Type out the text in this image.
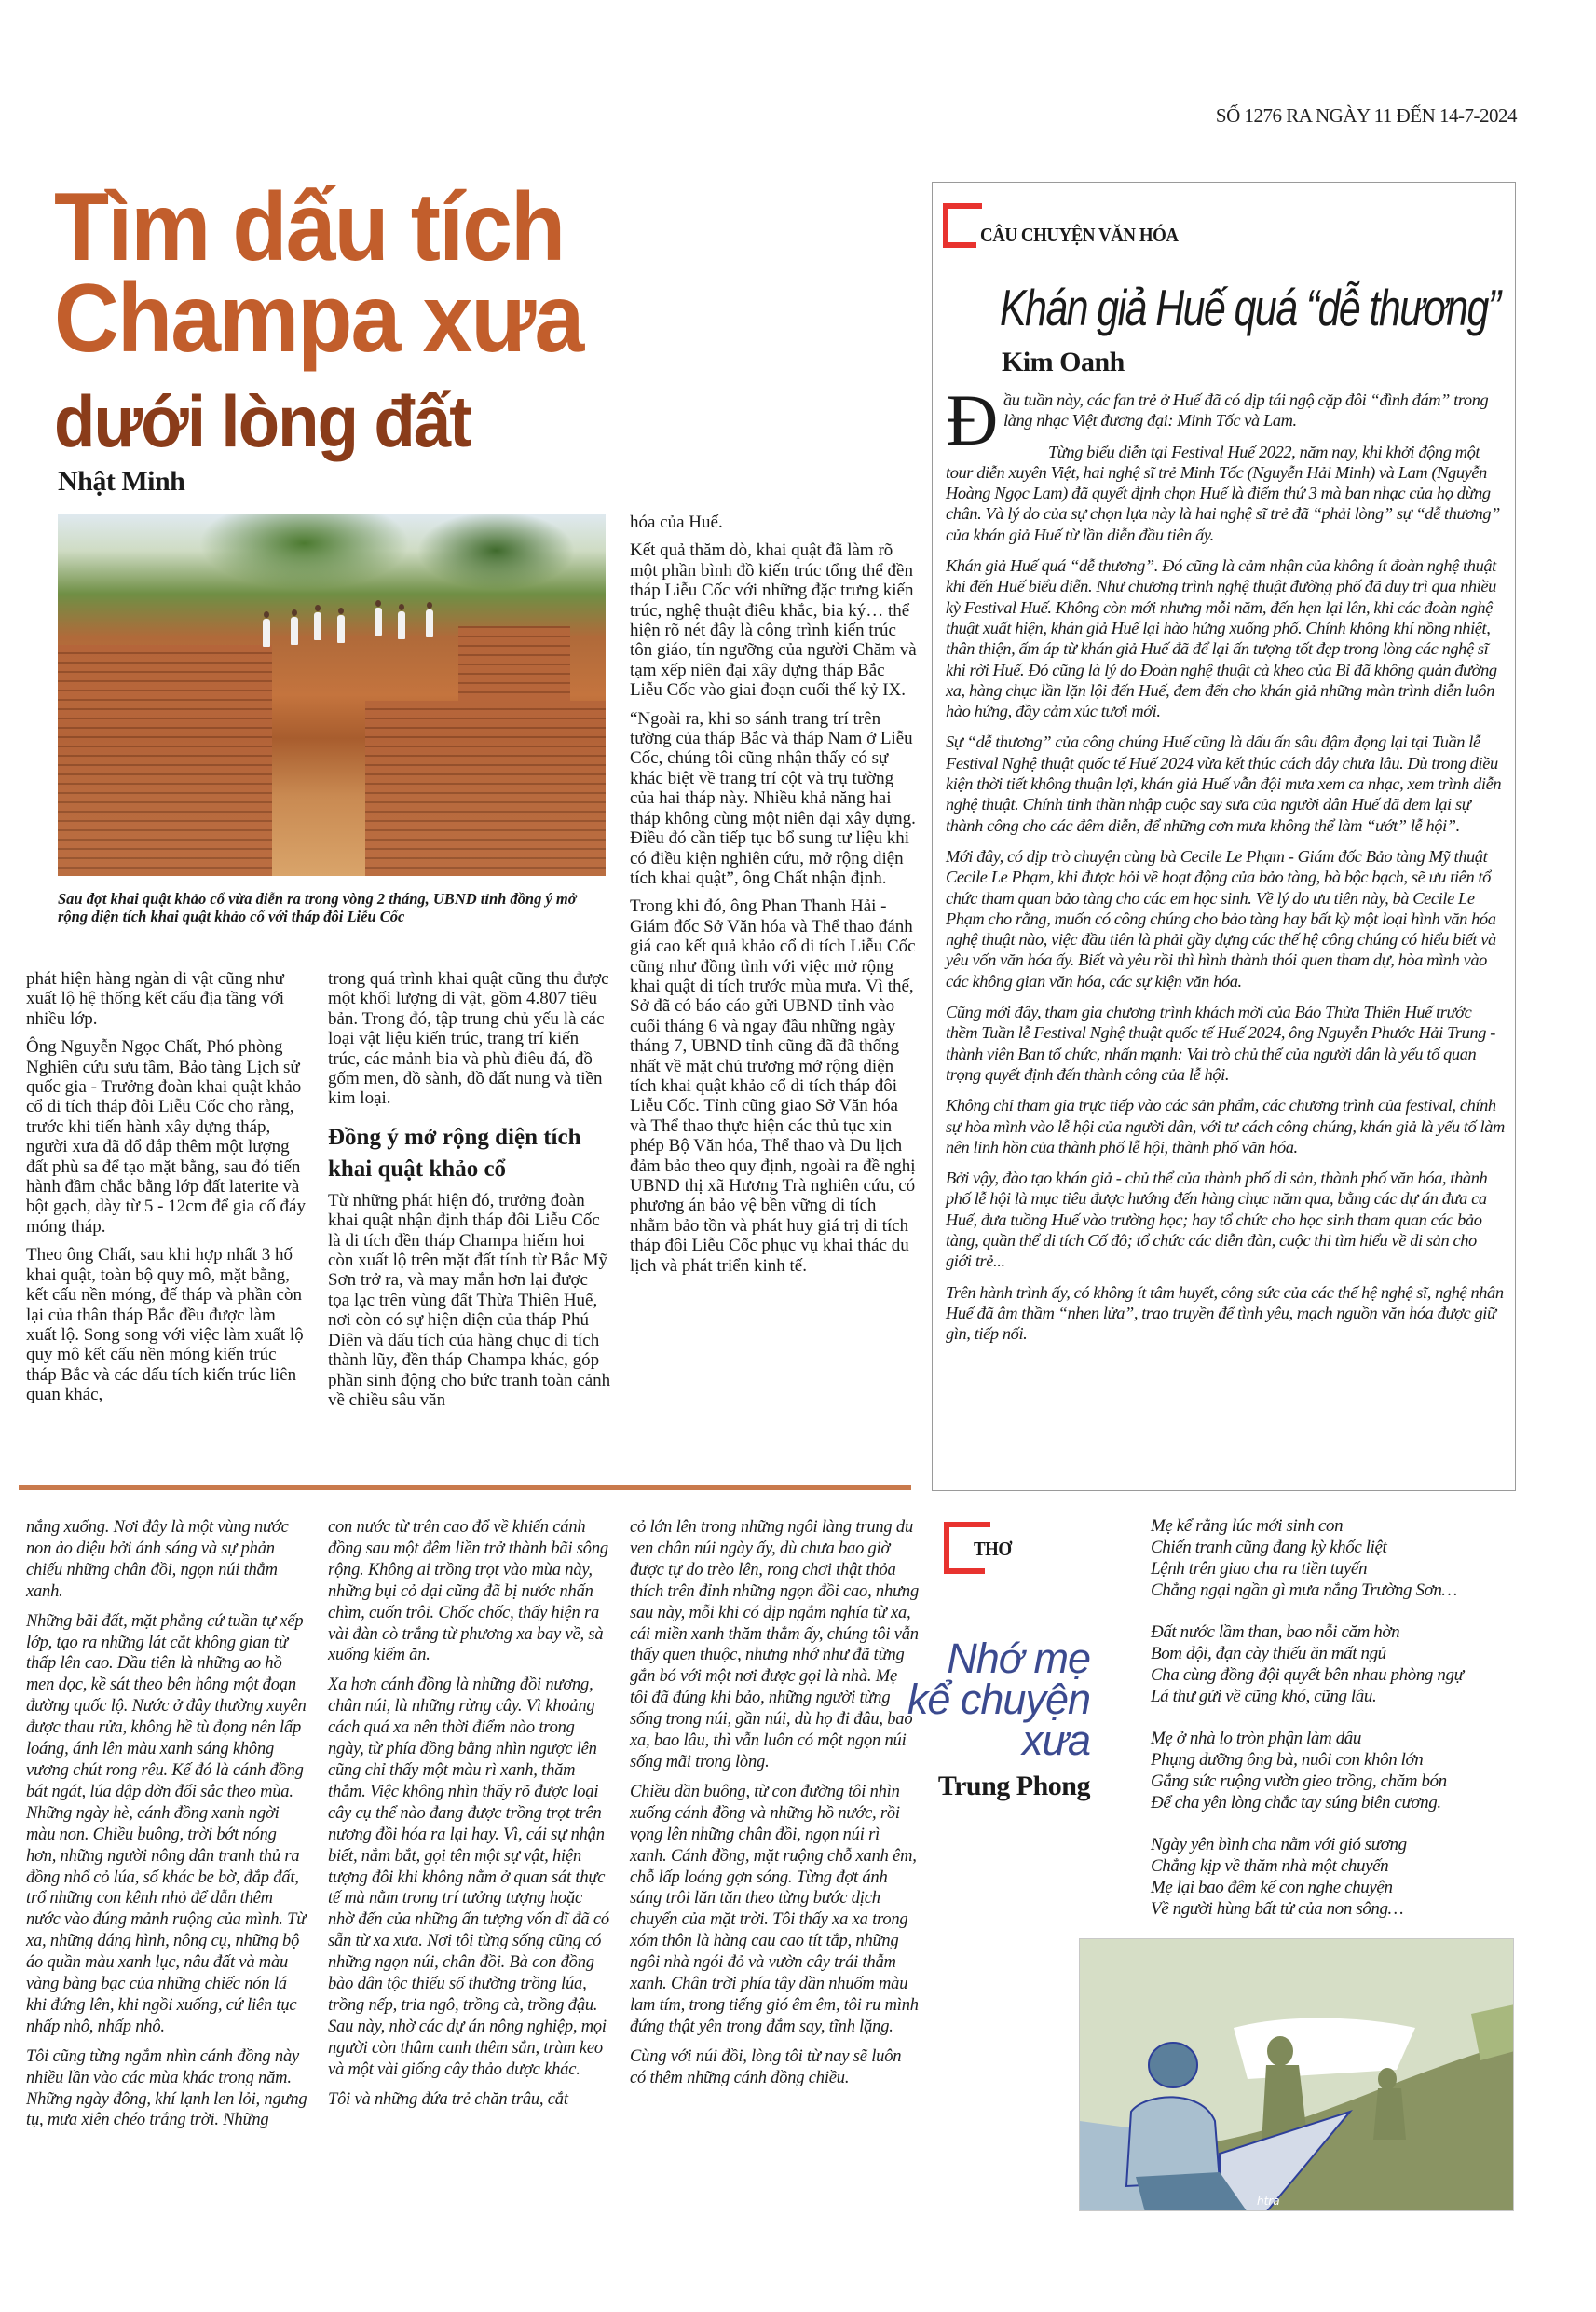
SỐ 1276 RA NGÀY 11 ĐẾN 14-7-2024
Tìm dấu tích
Champa xưa
dưới lòng đất
Nhật Minh
Sau đợt khai quật khảo cổ vừa diễn ra trong vòng 2 tháng, UBND tỉnh đồng ý mở rộng diện tích khai quật khảo cổ với tháp đôi Liễu Cốc

phát hiện hàng ngàn di vật cũng như xuất lộ hệ thống kết cấu địa tầng với nhiều lớp.

Ông Nguyễn Ngọc Chất, Phó phòng Nghiên cứu sưu tầm, Bảo tàng Lịch sử quốc gia - Trưởng đoàn khai quật khảo cổ di tích tháp đôi Liễu Cốc cho rằng, trước khi tiến hành xây dựng tháp, người xưa đã đổ đắp thêm một lượng đất phù sa để tạo mặt bằng, sau đó tiến hành đầm chắc bằng lớp đất laterite và bột gạch, dày từ 5 - 12cm để gia cố đáy móng tháp.

Theo ông Chất, sau khi hợp nhất 3 hố khai quật, toàn bộ quy mô, mặt bằng, kết cấu nền móng, đế tháp và phần còn lại của thân tháp Bắc đều được làm xuất lộ. Song song với việc làm xuất lộ quy mô kết cấu nền móng kiến trúc tháp Bắc và các dấu tích kiến trúc liên quan khác,

trong quá trình khai quật cũng thu được một khối lượng di vật, gồm 4.807 tiêu bản. Trong đó, tập trung chủ yếu là các loại vật liệu kiến trúc, trang trí kiến trúc, các mảnh bia và phù điêu đá, đồ gốm men, đồ sành, đồ đất nung và tiền kim loại.

Đồng ý mở rộng diện tích khai quật khảo cổ

Từ những phát hiện đó, trưởng đoàn khai quật nhận định tháp đôi Liễu Cốc là di tích đền tháp Champa hiếm hoi còn xuất lộ trên mặt đất tính từ Bắc Mỹ Sơn trở ra, và may mắn hơn lại được tọa lạc trên vùng đất Thừa Thiên Huế, nơi còn có sự hiện diện của tháp Phú Diên và dấu tích của hàng chục di tích thành lũy, đền tháp Champa khác, góp phần sinh động cho bức tranh toàn cảnh về chiều sâu văn

hóa của Huế.

Kết quả thăm dò, khai quật đã làm rõ một phần bình đồ kiến trúc tổng thể đền tháp Liễu Cốc với những đặc trưng kiến trúc, nghệ thuật điêu khắc, bia ký… thể hiện rõ nét đây là công trình kiến trúc tôn giáo, tín ngưỡng của người Chăm và tạm xếp niên đại xây dựng tháp Bắc Liễu Cốc vào giai đoạn cuối thế kỷ IX.

“Ngoài ra, khi so sánh trang trí trên tường của tháp Bắc và tháp Nam ở Liễu Cốc, chúng tôi cũng nhận thấy có sự khác biệt về trang trí cột và trụ tường của hai tháp này. Nhiều khả năng hai tháp không cùng một niên đại xây dựng. Điều đó cần tiếp tục bổ sung tư liệu khi có điều kiện nghiên cứu, mở rộng diện tích khai quật”, ông Chất nhận định.

Trong khi đó, ông Phan Thanh Hải - Giám đốc Sở Văn hóa và Thể thao đánh giá cao kết quả khảo cổ di tích Liễu Cốc cũng như đồng tình với việc mở rộng khai quật di tích trước mùa mưa. Vì thế, Sở đã có báo cáo gửi UBND tỉnh vào cuối tháng 6 và ngay đầu những ngày tháng 7, UBND tỉnh cũng đã đã thống nhất về mặt chủ trương mở rộng diện tích khai quật khảo cổ di tích tháp đôi Liễu Cốc. Tỉnh cũng giao Sở Văn hóa và Thể thao thực hiện các thủ tục xin phép Bộ Văn hóa, Thể thao và Du lịch đảm bảo theo quy định, ngoài ra đề nghị UBND thị xã Hương Trà nghiên cứu, có phương án bảo vệ bền vững di tích nhằm bảo tồn và phát huy giá trị di tích tháp đôi Liễu Cốc phục vụ khai thác du lịch và phát triển kinh tế.

CÂU CHUYỆN VĂN HÓA
Khán giả Huế quá “dễ thương”
Kim Oanh

Đầu tuần này, các fan trẻ ở Huế đã có dịp tái ngộ cặp đôi “đình đám” trong làng nhạc Việt đương đại: Minh Tốc và Lam.

Từng biểu diễn tại Festival Huế 2022, năm nay, khi khởi động một tour diễn xuyên Việt, hai nghệ sĩ trẻ Minh Tốc (Nguyễn Hải Minh) và Lam (Nguyễn Hoàng Ngọc Lam) đã quyết định chọn Huế là điểm thứ 3 mà ban nhạc của họ dừng chân. Và lý do của sự chọn lựa này là hai nghệ sĩ trẻ đã “phải lòng” sự “dễ thương” của khán giả Huế từ lần diễn đầu tiên ấy.

Khán giả Huế quá “dễ thương”. Đó cũng là cảm nhận của không ít đoàn nghệ thuật khi đến Huế biểu diễn. Như chương trình nghệ thuật đường phố đã duy trì qua nhiều kỳ Festival Huế. Không còn mới nhưng mỗi năm, đến hẹn lại lên, khi các đoàn nghệ thuật xuất hiện, khán giả Huế lại hào hứng xuống phố. Chính không khí nồng nhiệt, thân thiện, ấm áp từ khán giả Huế đã để lại ấn tượng tốt đẹp trong lòng các nghệ sĩ khi rời Huế. Đó cũng là lý do Đoàn nghệ thuật cà kheo của Bỉ đã không quản đường xa, hàng chục lần lặn lội đến Huế, đem đến cho khán giả những màn trình diễn luôn hào hứng, đầy cảm xúc tươi mới.

Sự “dễ thương” của công chúng Huế cũng là dấu ấn sâu đậm đọng lại tại Tuần lễ Festival Nghệ thuật quốc tế Huế 2024 vừa kết thúc cách đây chưa lâu. Dù trong điều kiện thời tiết không thuận lợi, khán giả Huế vẫn đội mưa xem ca nhạc, xem trình diễn nghệ thuật. Chính tinh thần nhập cuộc say sưa của người dân Huế đã đem lại sự thành công cho các đêm diễn, để những cơn mưa không thể làm “ướt” lễ hội”.

Mới đây, có dịp trò chuyện cùng bà Cecile Le Phạm - Giám đốc Bảo tàng Mỹ thuật Cecile Le Phạm, khi được hỏi về hoạt động của bảo tàng, bà bộc bạch, sẽ ưu tiên tổ chức tham quan bảo tàng cho các em học sinh. Về lý do ưu tiên này, bà Cecile Le Phạm cho rằng, muốn có công chúng cho bảo tàng hay bất kỳ một loại hình văn hóa nghệ thuật nào, việc đầu tiên là phải gầy dựng các thế hệ công chúng có hiểu biết và yêu vốn văn hóa ấy. Biết và yêu rồi thì hình thành thói quen tham dự, hòa mình vào các không gian văn hóa, các sự kiện văn hóa.

Cũng mới đây, tham gia chương trình khách mời của Báo Thừa Thiên Huế trước thềm Tuần lễ Festival Nghệ thuật quốc tế Huế 2024, ông Nguyễn Phước Hải Trung - thành viên Ban tổ chức, nhấn mạnh: Vai trò chủ thể của người dân là yếu tố quan trọng quyết định đến thành công của lễ hội.

Không chỉ tham gia trực tiếp vào các sản phẩm, các chương trình của festival, chính sự hòa mình vào lễ hội của người dân, với tư cách công chúng, khán giả là yếu tố làm nên linh hồn của thành phố lễ hội, thành phố văn hóa.

Bởi vậy, đào tạo khán giả - chủ thể của thành phố di sản, thành phố văn hóa, thành phố lễ hội là mục tiêu được hướng đến hàng chục năm qua, bằng các dự án đưa ca Huế, đưa tuồng Huế vào trường học; hay tổ chức cho học sinh tham quan các bảo tàng, quần thể di tích Cố đô; tổ chức các diễn đàn, cuộc thi tìm hiểu về di sản cho giới trẻ...

Trên hành trình ấy, có không ít tâm huyết, công sức của các thế hệ nghệ sĩ, nghệ nhân Huế đã âm thầm “nhen lửa”, trao truyền để tình yêu, mạch nguồn văn hóa được giữ gìn, tiếp nối.

nắng xuống. Nơi đây là một vùng nước non ảo diệu bởi ánh sáng và sự phản chiếu những chân đồi, ngọn núi thẳm xanh.

Những bãi đất, mặt phẳng cứ tuần tự xếp lớp, tạo ra những lát cắt không gian từ thấp lên cao. Đầu tiên là những ao hồ men dọc, kề sát theo bên hông một đoạn đường quốc lộ. Nước ở đây thường xuyên được thau rửa, không hề tù đọng nên lấp loáng, ánh lên màu xanh sáng không vương chút rong rêu. Kế đó là cánh đồng bát ngát, lúa dập dờn đổi sắc theo mùa. Những ngày hè, cánh đồng xanh ngời màu non. Chiều buông, trời bớt nóng hơn, những người nông dân tranh thủ ra đồng nhổ cỏ lúa, số khác be bờ, đắp đất, trổ những con kênh nhỏ để dẫn thêm nước vào đúng mảnh ruộng của mình. Từ xa, những dáng hình, nông cụ, những bộ áo quần màu xanh lục, nâu đất và màu vàng bàng bạc của những chiếc nón lá khi đứng lên, khi ngồi xuống, cứ liên tục nhấp nhô, nhấp nhô.

Tôi cũng từng ngắm nhìn cánh đồng này nhiều lần vào các mùa khác trong năm. Những ngày đông, khí lạnh len lỏi, ngưng tụ, mưa xiên chéo trắng trời. Những

con nước từ trên cao đổ về khiến cánh đồng sau một đêm liền trở thành bãi sông rộng. Không ai trồng trọt vào mùa này, những bụi cỏ dại cũng đã bị nước nhấn chìm, cuốn trôi. Chốc chốc, thấy hiện ra vài đàn cò trắng từ phương xa bay về, sà xuống kiếm ăn.

Xa hơn cánh đồng là những đồi nương, chân núi, là những rừng cây. Vì khoảng cách quá xa nên thời điểm nào trong ngày, từ phía đồng bằng nhìn ngược lên cũng chỉ thấy một màu rì xanh, thăm thẳm. Việc không nhìn thấy rõ được loại cây cụ thể nào đang được trồng trọt trên nương đồi hóa ra lại hay. Vì, cái sự nhận biết, nắm bắt, gọi tên một sự vật, hiện tượng đôi khi không nằm ở quan sát thực tế mà nằm trong trí tưởng tượng hoặc nhờ đến của những ấn tượng vốn dĩ đã có sẵn từ xa xưa. Nơi tôi từng sống cũng có những ngọn núi, chân đồi. Bà con đồng bào dân tộc thiểu số thường trồng lúa, trồng nếp, tria ngô, trồng cà, trồng đậu. Sau này, nhờ các dự án nông nghiệp, mọi người còn thâm canh thêm sắn, tràm keo và một vài giống cây thảo dược khác.

Tôi và những đứa trẻ chăn trâu, cắt

cỏ lớn lên trong những ngôi làng trung du ven chân núi ngày ấy, dù chưa bao giờ được tự do trèo lên, rong chơi thật thỏa thích trên đỉnh những ngọn đồi cao, nhưng sau này, mỗi khi có dịp ngắm nghía từ xa, cái miền xanh thăm thẳm ấy, chúng tôi vẫn thấy quen thuộc, nhưng nhớ như đã từng gắn bó với một nơi được gọi là nhà. Mẹ tôi đã đúng khi bảo, những người từng sống trong núi, gần núi, dù họ đi đâu, bao xa, bao lâu, thì vẫn luôn có một ngọn núi sống mãi trong lòng.

Chiều dần buông, từ con đường tôi nhìn xuống cánh đồng và những hồ nước, rồi vọng lên những chân đồi, ngọn núi rì xanh. Cánh đồng, mặt ruộng chỗ xanh êm, chỗ lấp loáng gợn sóng. Từng đợt ánh sáng trôi lăn tăn theo từng bước dịch chuyển của mặt trời. Tôi thấy xa xa trong xóm thôn là hàng cau cao tít tắp, những ngôi nhà ngói đỏ và vườn cây trái thẫm xanh. Chân trời phía tây dần nhuốm màu lam tím, trong tiếng gió êm êm, tôi ru mình đứng thật yên trong đắm say, tĩnh lặng.

Cùng với núi đồi, lòng tôi từ nay sẽ luôn có thêm những cánh đồng chiều.

THƠ
Nhớ mẹ
kể chuyện
xưa
Trung Phong
Mẹ kể rằng lúc mới sinh con
Chiến tranh cũng đang kỳ khốc liệt
Lệnh trên giao cha ra tiền tuyến
Chẳng ngại ngần gì mưa nắng Trường Sơn…
Đất nước lầm than, bao nỗi căm hờn
Bom dội, đạn cày thiếu ăn mất ngủ
Cha cùng đồng đội quyết bên nhau phòng ngự
Lá thư gửi về cũng khó, cũng lâu.
Mẹ ở nhà lo tròn phận làm dâu
Phụng dưỡng ông bà, nuôi con khôn lớn
Gắng sức ruộng vườn gieo trồng, chăm bón
Để cha yên lòng chắc tay súng biên cương.
Ngày yên bình cha nằm với gió sương
Chẳng kịp về thăm nhà một chuyến
Mẹ lại bao đêm kể con nghe chuyện
Về người hùng bất tử của non sông…
htra
